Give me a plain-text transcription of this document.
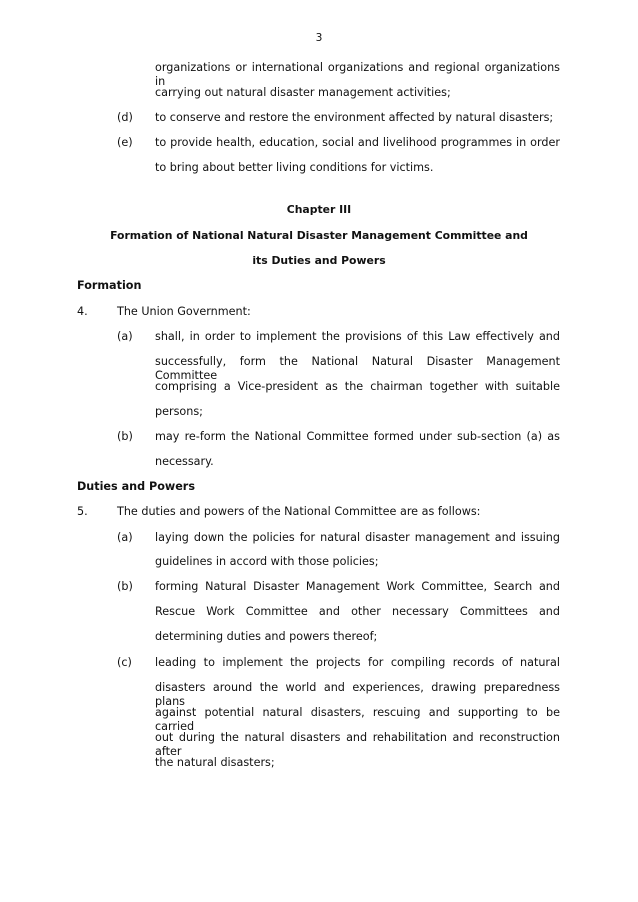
3
organizations or international organizations and regional organizations in
carrying out natural disaster management activities;
(d) to conserve and restore the environment affected by natural disasters;
(e) to provide health, education, social and livelihood programmes in order
to bring about better living conditions for victims.
Chapter III
Formation of National Natural Disaster Management Committee and
its Duties and Powers
Formation
4.	The Union Government:
(a) shall, in order to implement the provisions of this Law effectively and
successfully, form the National Natural Disaster Management Committee
comprising a Vice-president as the chairman together with suitable
persons;
(b) may re-form the National Committee formed under sub-section (a) as
necessary.
Duties and Powers
5.	The duties and powers of the National Committee are as follows:
(a) laying down the policies for natural disaster management and issuing
guidelines in accord with those policies;
(b) forming Natural Disaster Management Work Committee, Search and
Rescue Work Committee and other necessary Committees and
determining duties and powers thereof;
(c) leading to implement the projects for compiling records of natural
disasters around the world and experiences, drawing preparedness plans
against potential natural disasters, rescuing and supporting to be carried
out during the natural disasters and rehabilitation and reconstruction after
the natural disasters;
